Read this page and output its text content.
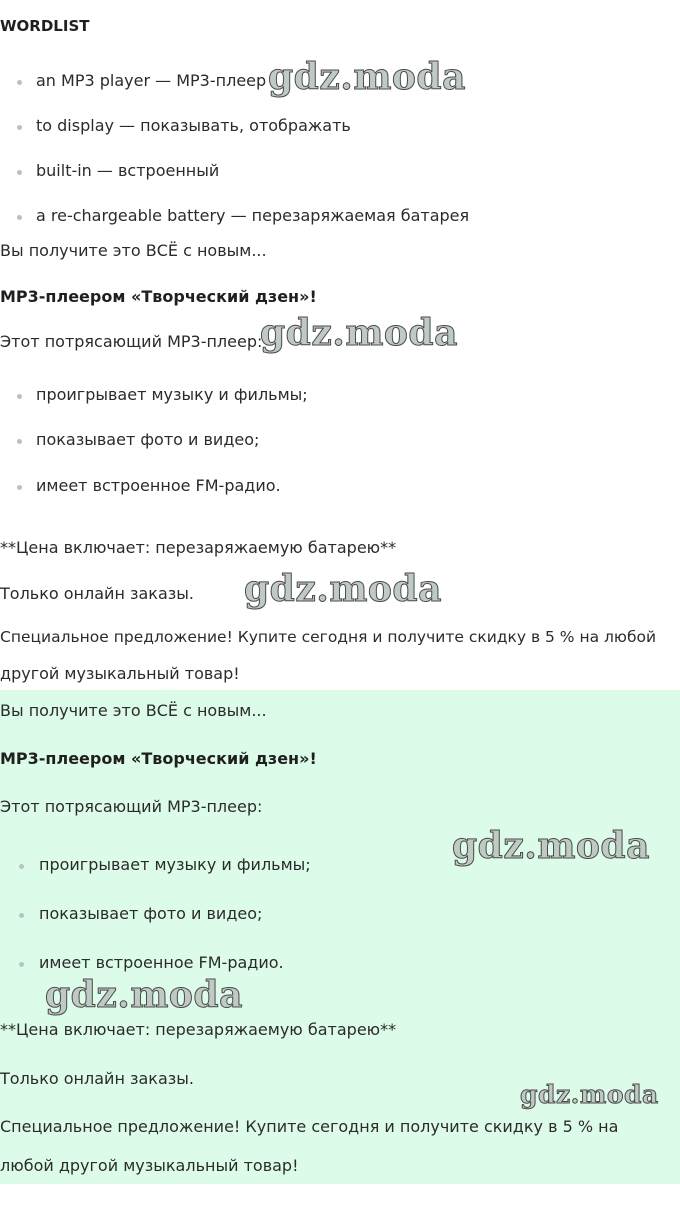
WORDLIST
an MP3 player — MP3-плеер
to display — показывать, отображать
built-in — встроенный
a re-chargeable battery — перезаряжаемая батарея
Вы получите это ВСЁ с новым...
MP3-плеером «Творческий дзен»!
Этот потрясающий MP3-плеер:
проигрывает музыку и фильмы;
показывает фото и видео;
имеет встроенное FM-радио.
**Цена включает: перезаряжаемую батарею**
Только онлайн заказы.
Специальное предложение! Купите сегодня и получите скидку в 5 % на любой
другой музыкальный товар!
Вы получите это ВСЁ с новым...
MP3-плеером «Творческий дзен»!
Этот потрясающий MP3-плеер:
проигрывает музыку и фильмы;
показывает фото и видео;
имеет встроенное FM-радио.
**Цена включает: перезаряжаемую батарею**
Только онлайн заказы.
Специальное предложение! Купите сегодня и получите скидку в 5 % на
любой другой музыкальный товар!
gdz.moda
gdz.moda
gdz.moda
gdz.moda
gdz.moda
gdz.moda
